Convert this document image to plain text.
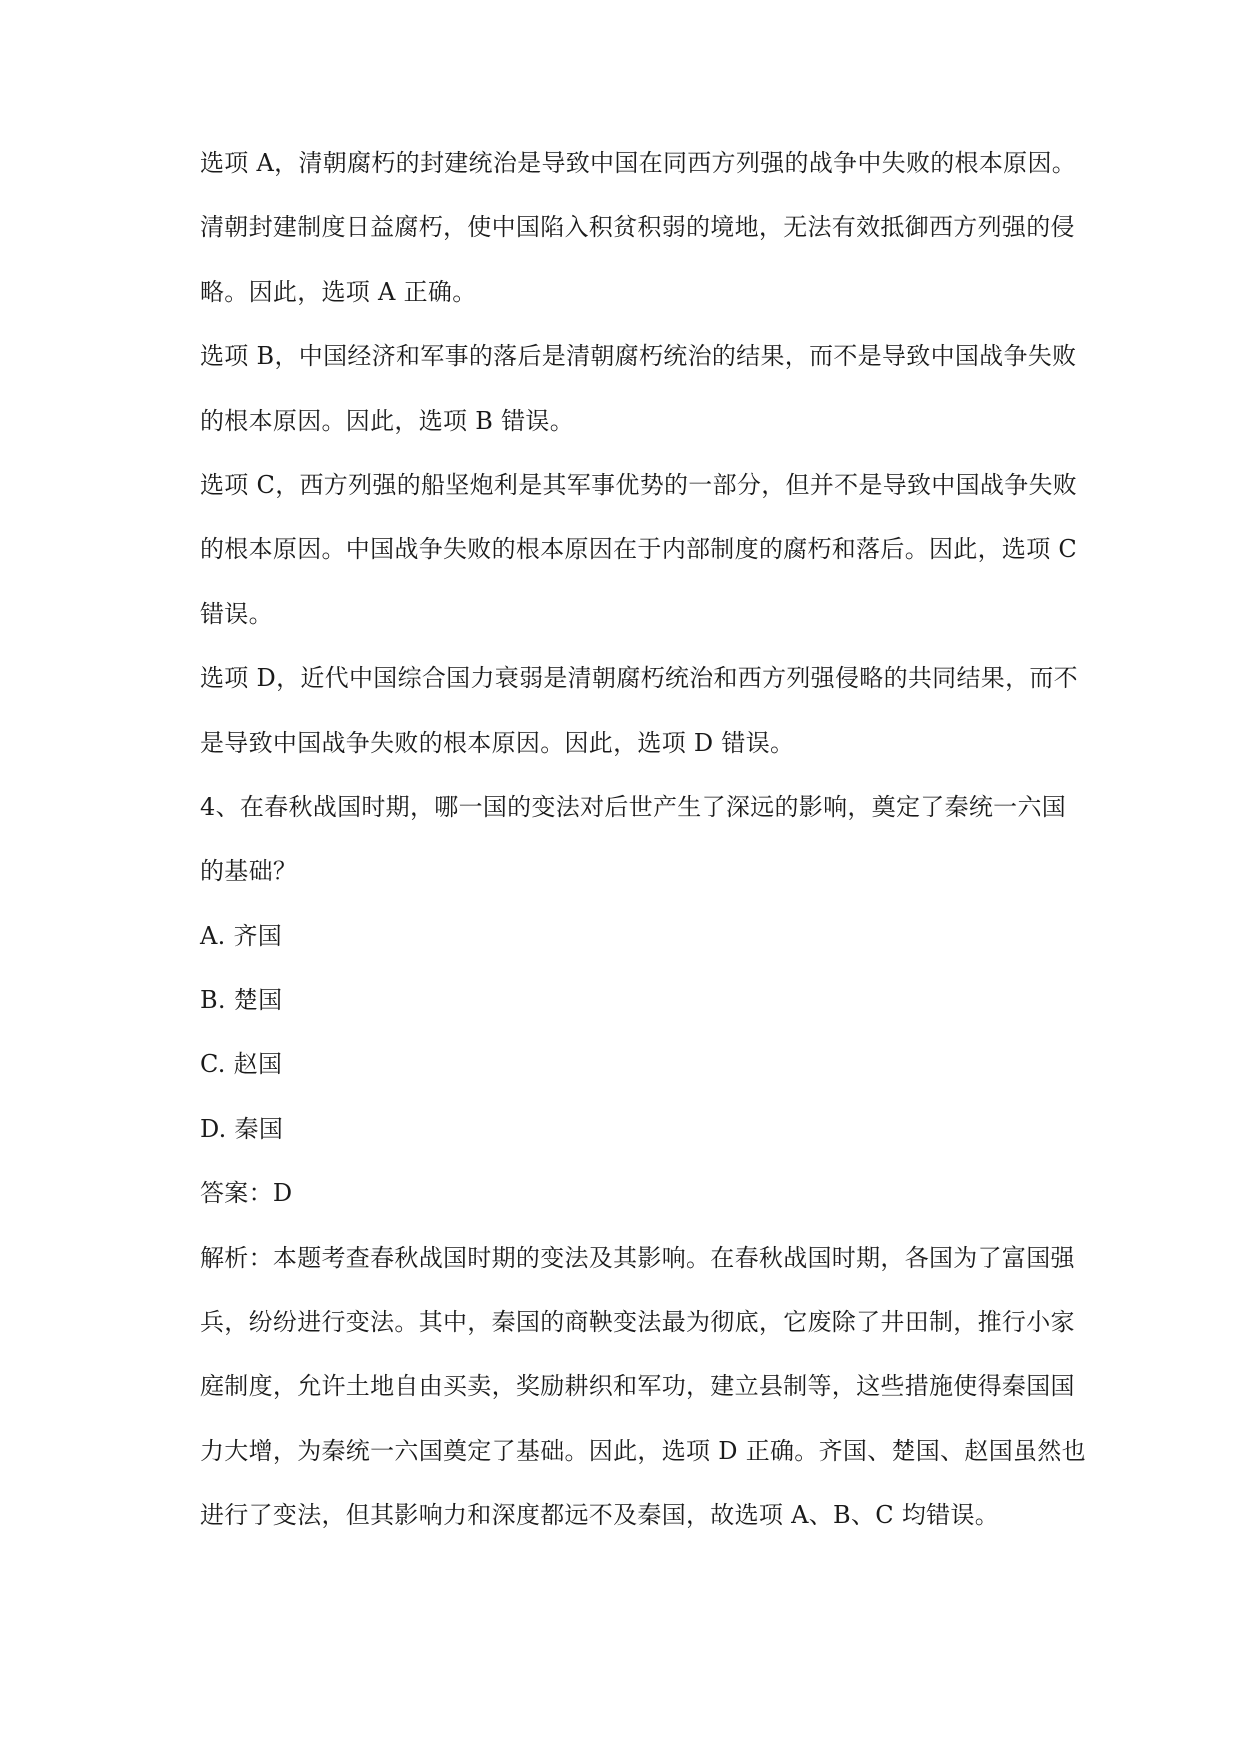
选项 A，清朝腐朽的封建统治是导致中国在同西方列强的战争中失败的根本原因。
清朝封建制度日益腐朽，使中国陷入积贫积弱的境地，无法有效抵御西方列强的侵
略。因此，选项 A 正确。
选项 B，中国经济和军事的落后是清朝腐朽统治的结果，而不是导致中国战争失败
的根本原因。因此，选项 B 错误。
选项 C，西方列强的船坚炮利是其军事优势的一部分，但并不是导致中国战争失败
的根本原因。中国战争失败的根本原因在于内部制度的腐朽和落后。因此，选项 C
错误。
选项 D，近代中国综合国力衰弱是清朝腐朽统治和西方列强侵略的共同结果，而不
是导致中国战争失败的根本原因。因此，选项 D 错误。
4、在春秋战国时期，哪一国的变法对后世产生了深远的影响，奠定了秦统一六国
的基础？
A. 齐国
B. 楚国
C. 赵国
D. 秦国
答案：D
解析：本题考查春秋战国时期的变法及其影响。在春秋战国时期，各国为了富国强
兵，纷纷进行变法。其中，秦国的商鞅变法最为彻底，它废除了井田制，推行小家
庭制度，允许土地自由买卖，奖励耕织和军功，建立县制等，这些措施使得秦国国
力大增，为秦统一六国奠定了基础。因此，选项 D 正确。齐国、楚国、赵国虽然也
进行了变法，但其影响力和深度都远不及秦国，故选项 A、B、C 均错误。
